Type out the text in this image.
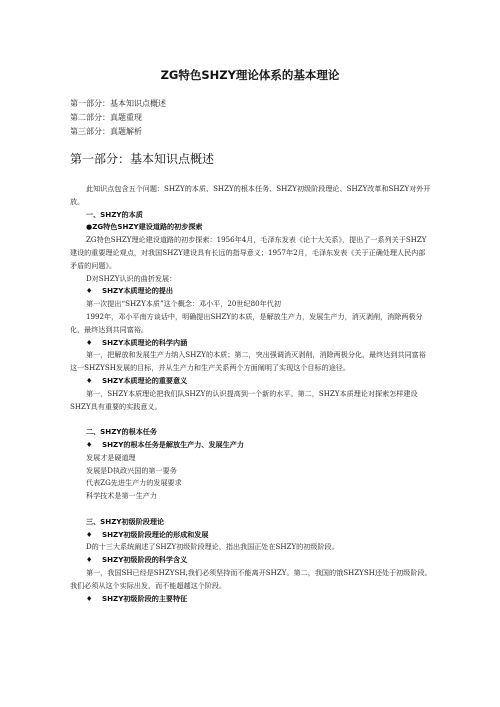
ZG特色SHZY理论体系的基本理论
第一部分：基本知识点概述
第二部分：真题重现
第三部分：真题解析
第一部分：基本知识点概述

此知识点包含五个问题：SHZY的本质、SHZY的根本任务、SHZY初级阶段理论、SHZY改革和SHZY对外开放。

一、SHZY的本质

●ZG特色SHZY建设道路的初步探索

ZG特色SHZY理论建设道路的初步探索：1956年4月，毛泽东发表《论十大关系》，提出了一系列关于SHZY建设的重要理论观点，对我国SHZY建设具有长远的指导意义；1957年2月，毛泽东发表《关于正确处理人民内部矛盾的问题》。

D对SHZY认识的曲折发展：

♦ SHZY本质理论的提出

第一次提出“SHZY本质”这个概念：邓小平，20世纪80年代初

1992年，邓小平南方谈话中，明确提出SHZY的本质，是解放生产力，发展生产力，消灭剥削，消除两极分化，最终达到共同富裕。

♦ SHZY本质理论的科学内涵

第一，把解放和发展生产力纳入SHZY的本质；第二，突出强调消灭剥削，消除两极分化，最终达到共同富裕这一SHZYSH发展的目标，并从生产力和生产关系两个方面阐明了实现这个目标的途径。

♦ SHZY本质理论的重要意义

第一，SHZY本质理论把我们队SHZY的认识提高到一个新的水平。第二，SHZY本质理论对探索怎样建设SHZY具有重要的实践意义。

二、SHZY的根本任务

♦ SHZY的根本任务是解放生产力、发展生产力

发展才是硬道理

发展是D执政兴国的第一要务

代表ZG先进生产力的发展要求

科学技术是第一生产力

三、SHZY初级阶段理论

♦ SHZY初级阶段理论的形成和发展

D的十三大系统阐述了SHZY初级阶段理论，指出我国正处在SHZY的初级阶段。

♦ SHZY初级阶段的科学含义

第一，我国SH已经是SHZYSH,我们必须坚持而不能离开SHZY。第二，我国的饿SHZYSH还处于初级阶段。我们必须从这个实际出发，而不能超越这个阶段。

♦ SHZY初级阶段的主要特征
